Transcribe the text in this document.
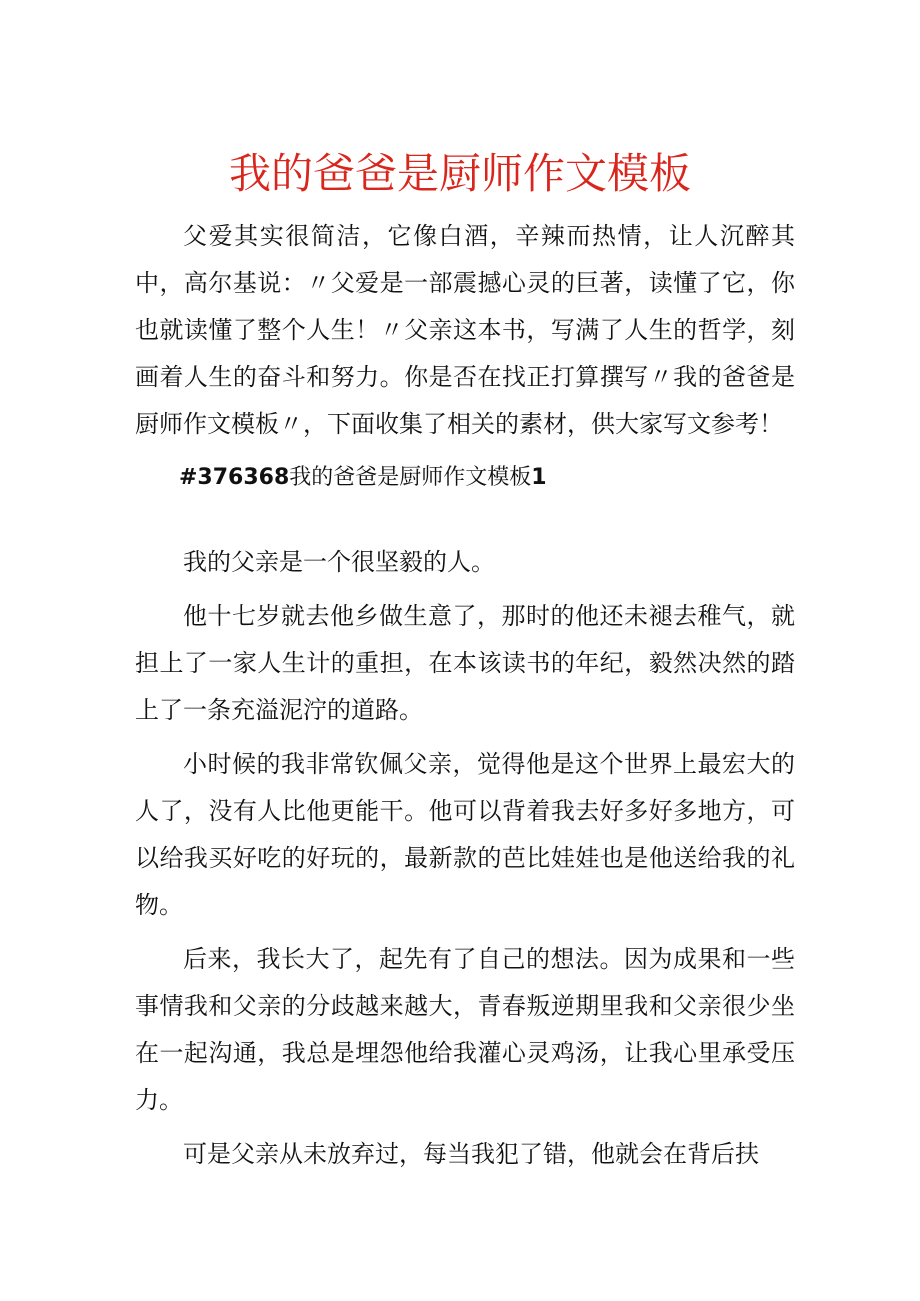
我的爸爸是厨师作文模板

父爱其实很简洁，它像白酒，辛辣而热情，让人沉醉其中，高尔基说：〃父爱是一部震撼心灵的巨著，读懂了它，你也就读懂了整个人生！〃父亲这本书，写满了人生的哲学，刻画着人生的奋斗和努力。你是否在找正打算撰写〃我的爸爸是厨师作文模板〃，下面收集了相关的素材，供大家写文参考！

#376368我的爸爸是厨师作文模板1

我的父亲是一个很坚毅的人。

他十七岁就去他乡做生意了，那时的他还未褪去稚气，就担上了一家人生计的重担，在本该读书的年纪，毅然决然的踏上了一条充溢泥泞的道路。

小时候的我非常钦佩父亲，觉得他是这个世界上最宏大的人了，没有人比他更能干。他可以背着我去好多好多地方，可以给我买好吃的好玩的，最新款的芭比娃娃也是他送给我的礼物。

后来，我长大了，起先有了自己的想法。因为成果和一些事情我和父亲的分歧越来越大，青春叛逆期里我和父亲很少坐在一起沟通，我总是埋怨他给我灌心灵鸡汤，让我心里承受压力。

可是父亲从未放弃过，每当我犯了错，他就会在背后扶
